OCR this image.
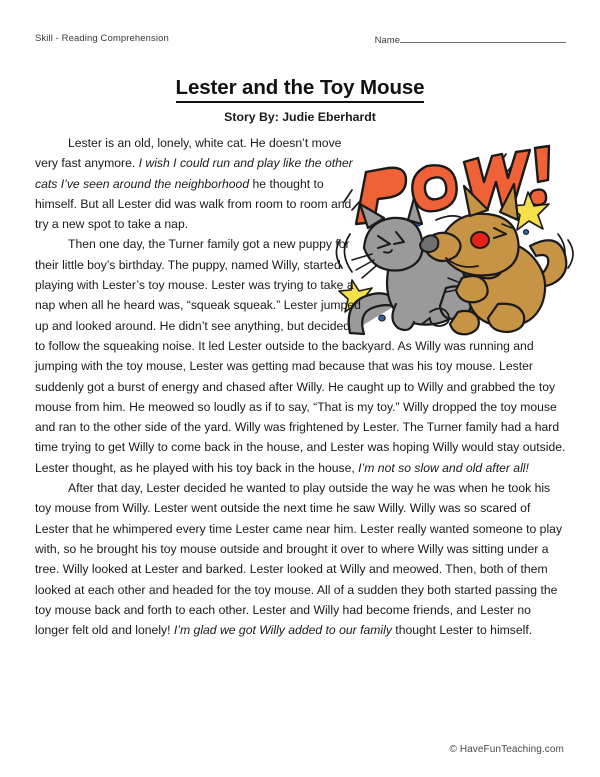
Skill - Reading Comprehension	Name
Lester and the Toy Mouse
Story By: Judie Eberhardt

Lester is an old, lonely, white cat. He doesn’t move very fast anymore. I wish I could run and play like the other cats I’ve seen around the neighborhood he thought to himself. But all Lester did was walk from room to room and try a new spot to take a nap.

Then one day, the Turner family got a new puppy for their little boy’s birthday. The puppy, named Willy, started playing with Lester’s toy mouse. Lester was trying to take a nap when all he heard was, “squeak squeak.” Lester jumped up and looked around. He didn’t see anything, but decided to follow the squeaking noise. It led Lester outside to the backyard. As Willy was running and jumping with the toy mouse, Lester was getting mad because that was his toy mouse. Lester suddenly got a burst of energy and chased after Willy. He caught up to Willy and grabbed the toy mouse from him. He meowed so loudly as if to say, “That is my toy.” Willy dropped the toy mouse and ran to the other side of the yard. Willy was frightened by Lester. The Turner family had a hard time trying to get Willy to come back in the house, and Lester was hoping Willy would stay outside. Lester thought, as he played with his toy back in the house, I’m not so slow and old after all!

After that day, Lester decided he wanted to play outside the way he was when he took his toy mouse from Willy. Lester went outside the next time he saw Willy. Willy was so scared of Lester that he whimpered every time Lester came near him. Lester really wanted someone to play with, so he brought his toy mouse outside and brought it over to where Willy was sitting under a tree. Willy looked at Lester and barked. Lester looked at Willy and meowed. Then, both of them looked at each other and headed for the toy mouse. All of a sudden they both started passing the toy mouse back and forth to each other. Lester and Willy had become friends, and Lester no longer felt old and lonely! I’m glad we got Willy added to our family thought Lester to himself.

© HaveFunTeaching.com
